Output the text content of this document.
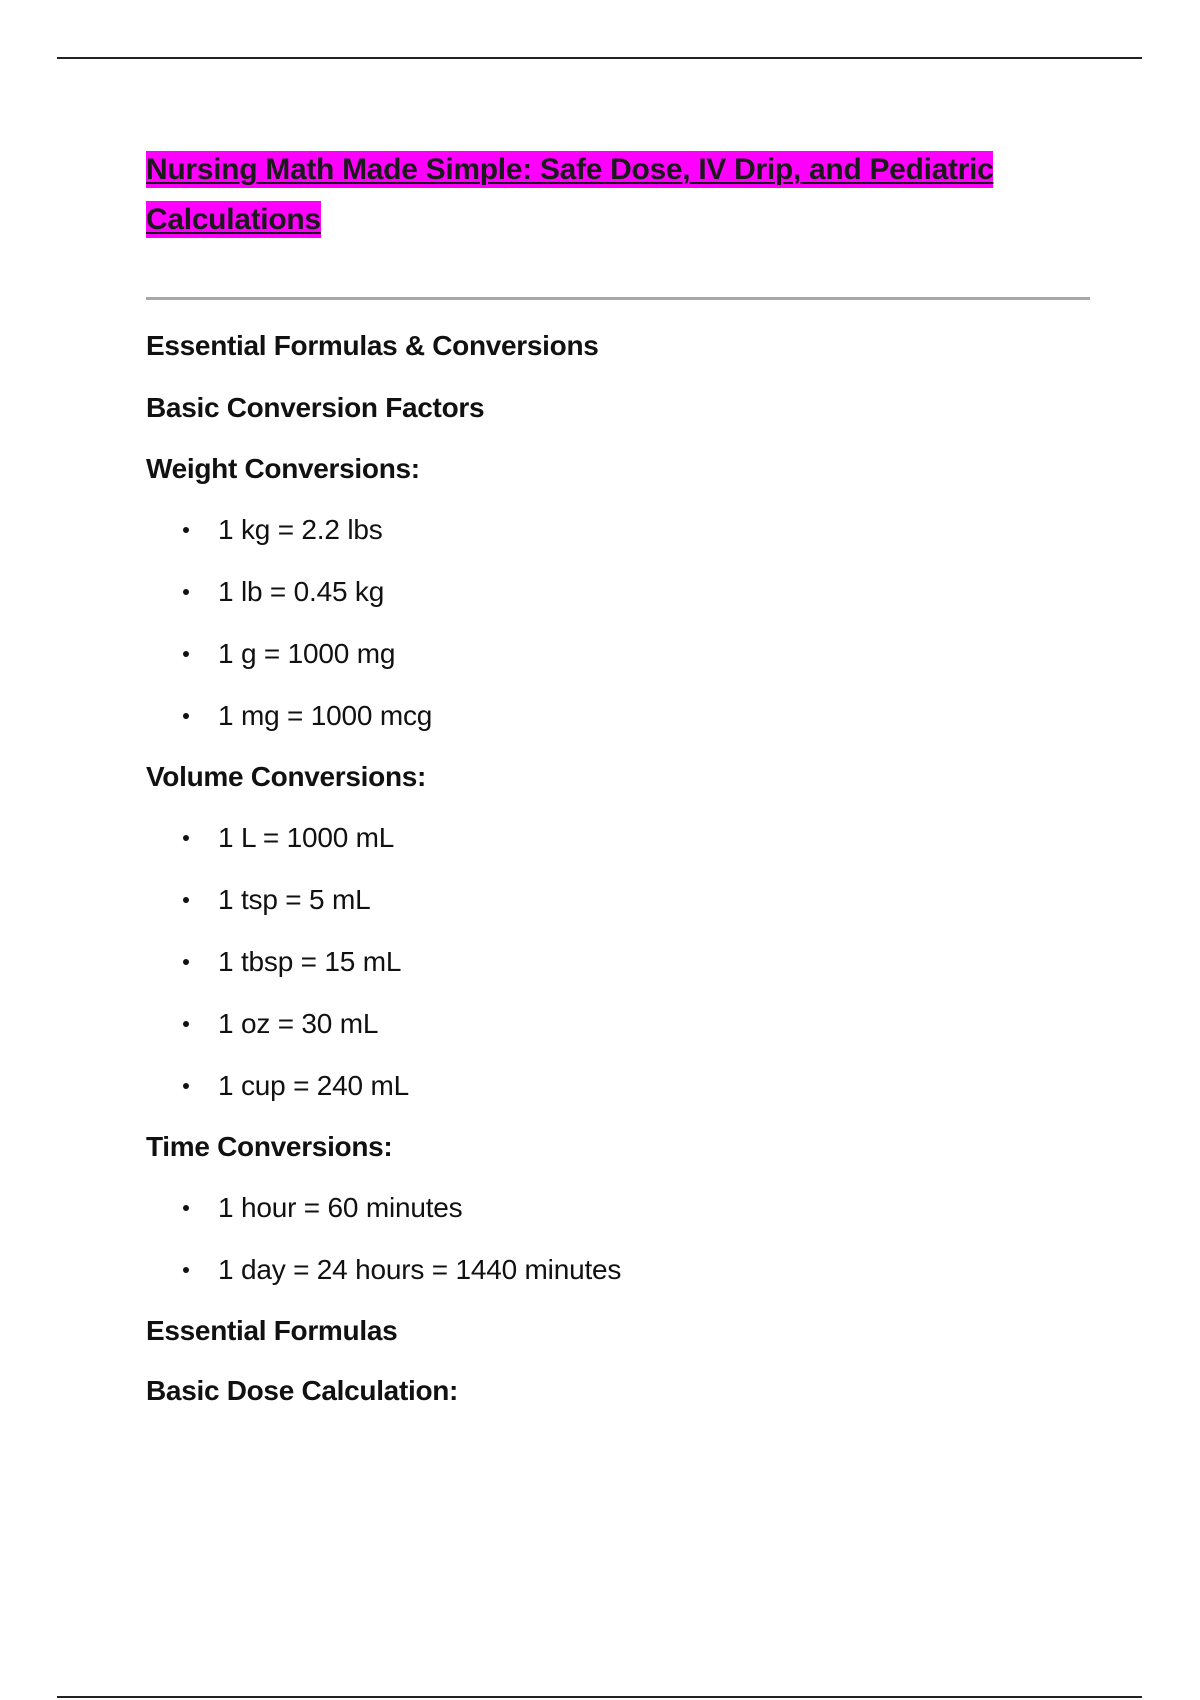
Nursing Math Made Simple: Safe Dose, IV Drip, and Pediatric Calculations
Essential Formulas & Conversions
Basic Conversion Factors
Weight Conversions:
1 kg = 2.2 lbs
1 lb = 0.45 kg
1 g = 1000 mg
1 mg = 1000 mcg
Volume Conversions:
1 L = 1000 mL
1 tsp = 5 mL
1 tbsp = 15 mL
1 oz = 30 mL
1 cup = 240 mL
Time Conversions:
1 hour = 60 minutes
1 day = 24 hours = 1440 minutes
Essential Formulas
Basic Dose Calculation:
